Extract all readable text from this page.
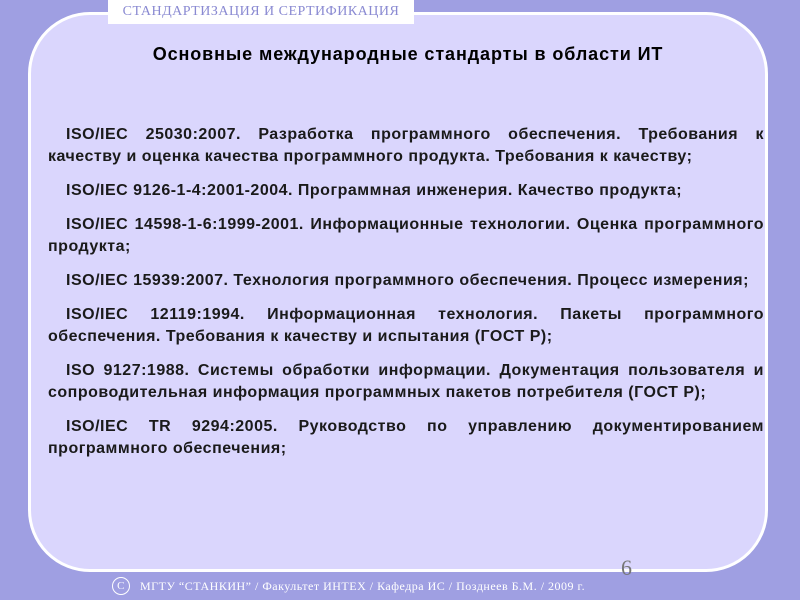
СТАНДАРТИЗАЦИЯ И СЕРТИФИКАЦИЯ
Основные международные стандарты в области ИТ

ISO/IEC 25030:2007. Разработка программного обеспечения. Требования к качеству и оценка качества программного продукта. Требования к качеству;

ISO/IEC 9126-1-4:2001-2004. Программная инженерия. Качество продукта;

ISO/IEC 14598-1-6:1999-2001. Информационные технологии. Оценка программного продукта;

ISO/IEC 15939:2007. Технология программного обеспечения. Процесс измерения;

ISO/IEC 12119:1994. Информационная технология. Пакеты программного обеспечения. Требования к качеству и испытания (ГОСТ Р);

ISO 9127:1988. Системы обработки информации. Документация пользователя и сопроводительная информация программных пакетов потребителя (ГОСТ Р);

ISO/IEC TR 9294:2005. Руководство по управлению документированием программного обеспечения;

6
C	МГТУ “СТАНКИН” / Факультет ИНТЕХ / Кафедра ИС / Позднеев Б.М. / 2009 г.
